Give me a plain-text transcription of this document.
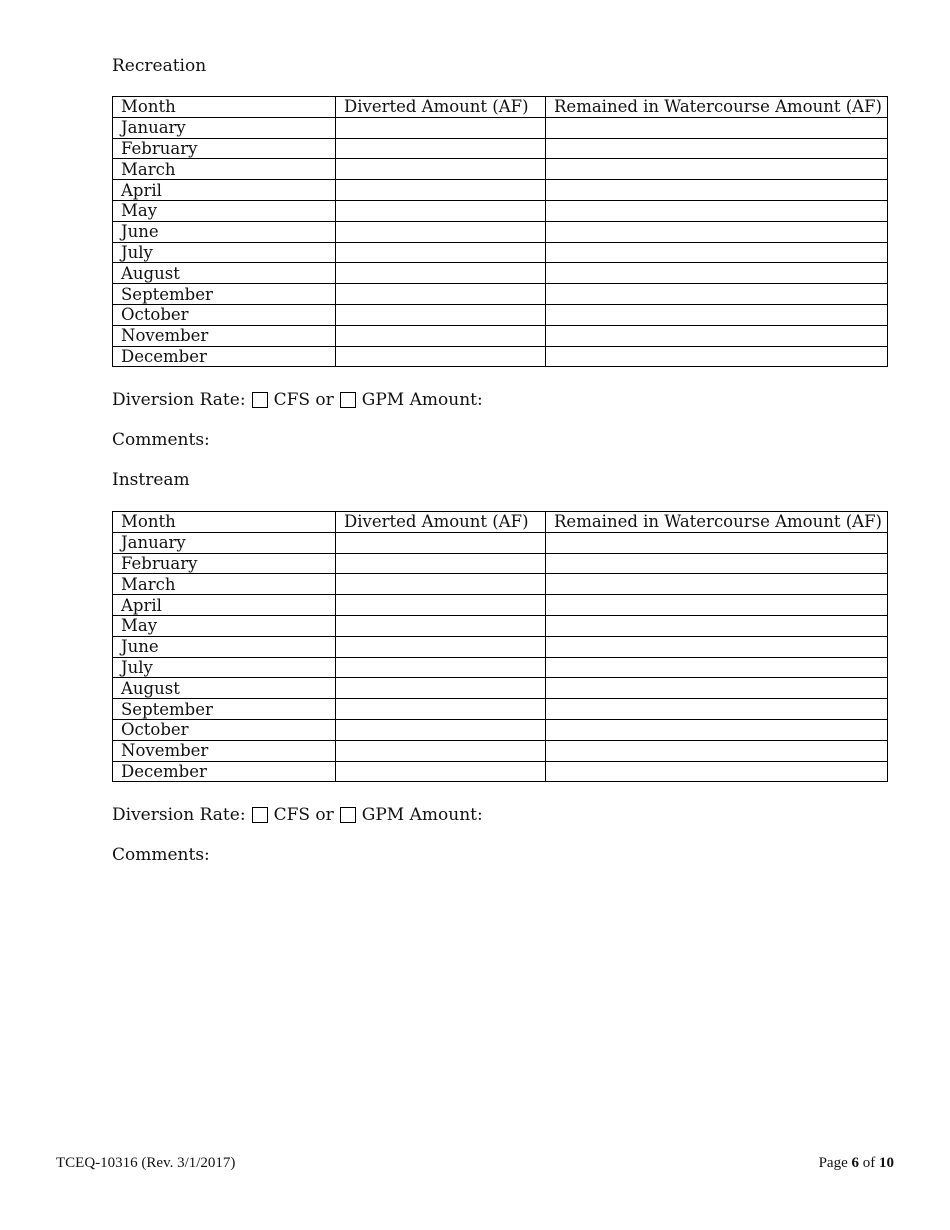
Recreation
Month	Diverted Amount (AF)	Remained in Watercourse Amount (AF)
January		
February		
March		
April		
May		
June		
July		
August		
September		
October		
November		
December		
Diversion Rate: CFS or GPM Amount:
Comments:
Instream
Month	Diverted Amount (AF)	Remained in Watercourse Amount (AF)
January		
February		
March		
April		
May		
June		
July		
August		
September		
October		
November		
December		
Diversion Rate: CFS or GPM Amount:
Comments:
TCEQ-10316 (Rev. 3/1/2017)	Page 6 of 10
